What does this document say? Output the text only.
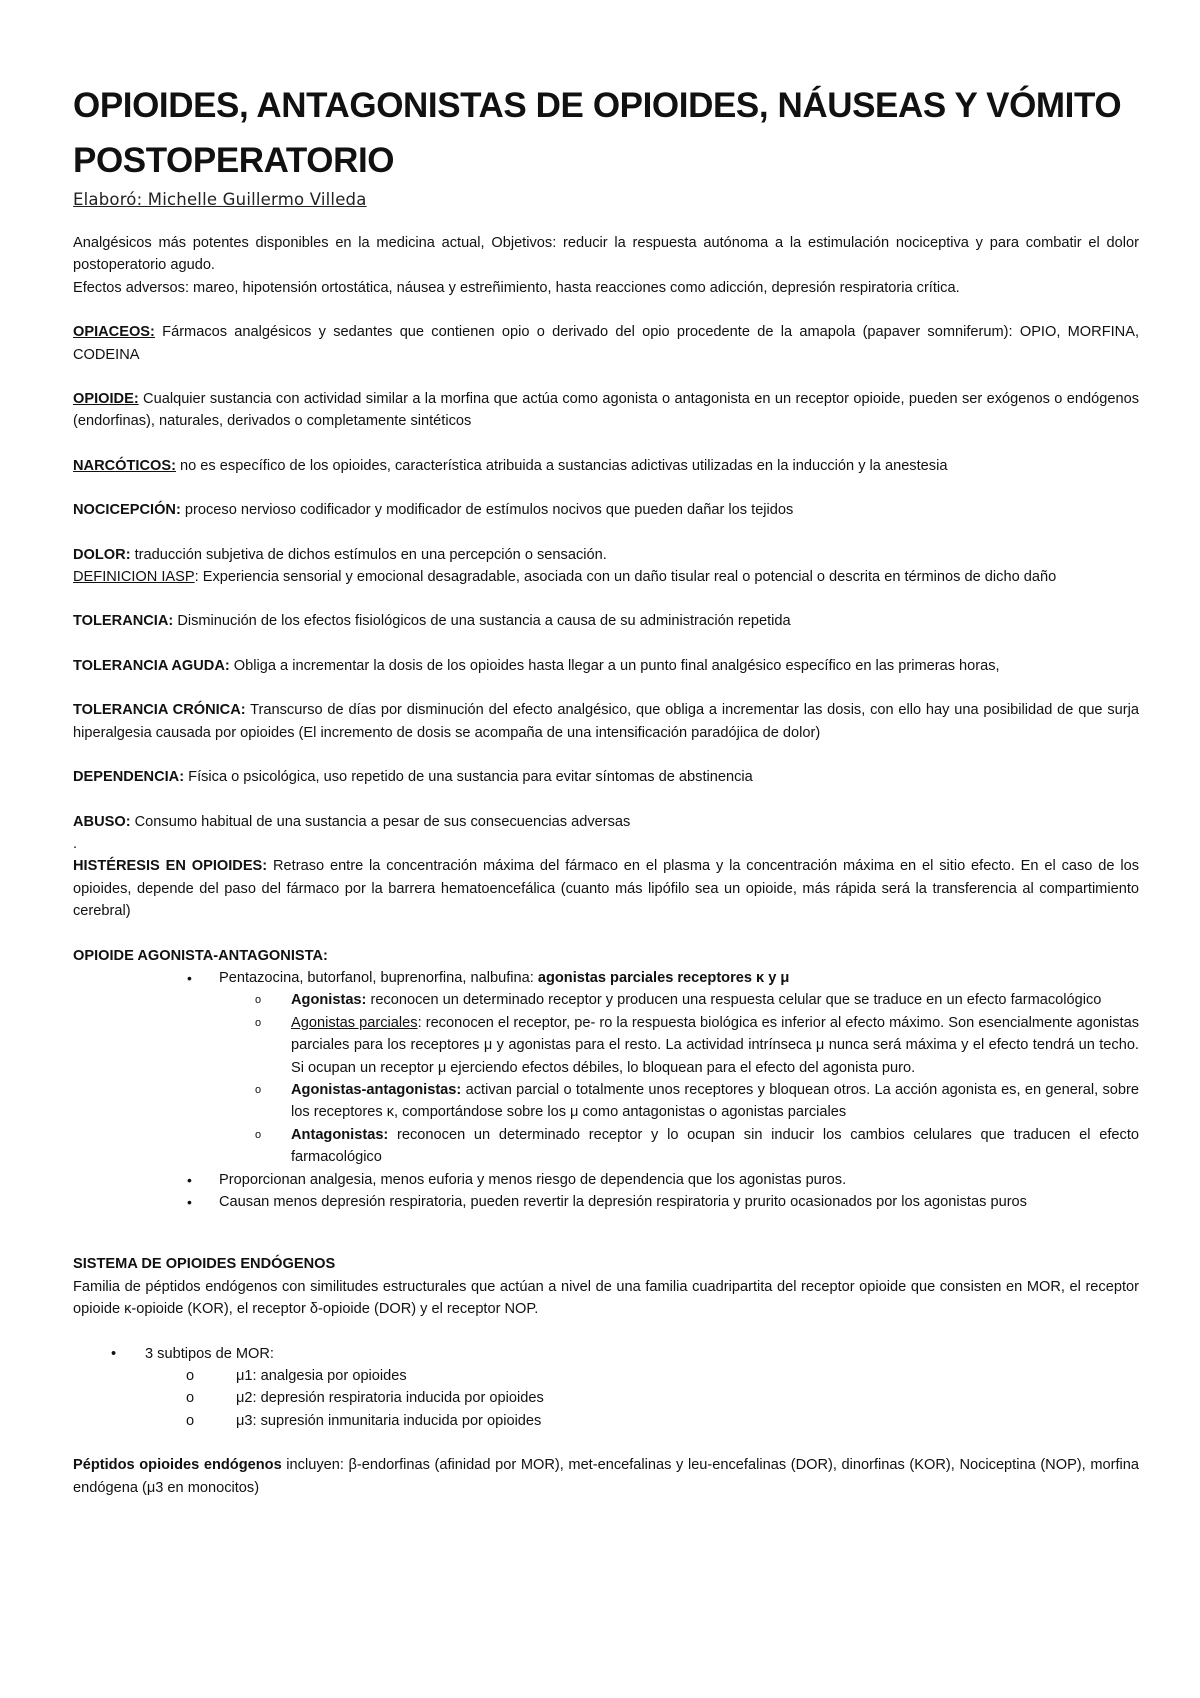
OPIOIDES, ANTAGONISTAS DE OPIOIDES, NÁUSEAS Y VÓMITO POSTOPERATORIO
Elaboró: Michelle Guillermo Villeda

Analgésicos más potentes disponibles en la medicina actual, Objetivos: reducir la respuesta autónoma a la estimulación nociceptiva y para combatir el dolor postoperatorio agudo.
Efectos adversos: mareo, hipotensión ortostática, náusea y estreñimiento, hasta reacciones como adicción, depresión respiratoria crítica.

OPIACEOS: Fármacos analgésicos y sedantes que contienen opio o derivado del opio procedente de la amapola (papaver somniferum): OPIO, MORFINA, CODEINA

OPIOIDE: Cualquier sustancia con actividad similar a la morfina que actúa como agonista o antagonista en un receptor opioide, pueden ser exógenos o endógenos (endorfinas), naturales, derivados o completamente sintéticos

NARCÓTICOS: no es específico de los opioides, característica atribuida a sustancias adictivas utilizadas en la inducción y la anestesia

NOCICEPCIÓN: proceso nervioso codificador y modificador de estímulos nocivos que pueden dañar los tejidos

DOLOR: traducción subjetiva de dichos estímulos en una percepción o sensación.
DEFINICION IASP: Experiencia sensorial y emocional desagradable, asociada con un daño tisular real o potencial o descrita en términos de dicho daño

TOLERANCIA: Disminución de los efectos fisiológicos de una sustancia a causa de su administración repetida

TOLERANCIA AGUDA: Obliga a incrementar la dosis de los opioides hasta llegar a un punto final analgésico específico en las primeras horas,

TOLERANCIA CRÓNICA: Transcurso de días por disminución del efecto analgésico, que obliga a incrementar las dosis, con ello hay una posibilidad de que surja hiperalgesia causada por opioides (El incremento de dosis se acompaña de una intensificación paradójica de dolor)

DEPENDENCIA: Física o psicológica, uso repetido de una sustancia para evitar síntomas de abstinencia

ABUSO: Consumo habitual de una sustancia a pesar de sus consecuencias adversas

.

HISTÉRESIS EN OPIOIDES: Retraso entre la concentración máxima del fármaco en el plasma y la concentración máxima en el sitio efecto. En el caso de los opioides, depende del paso del fármaco por la barrera hematoencefálica (cuanto más lipófilo sea un opioide, más rápida será la transferencia al compartimiento cerebral)

OPIOIDE AGONISTA-ANTAGONISTA:

• Pentazocina, butorfanol, buprenorfina, nalbufina: agonistas parciales receptores κ y μ
o Agonistas: reconocen un determinado receptor y producen una respuesta celular que se traduce en un efecto farmacológico
o Agonistas parciales: reconocen el receptor, pe- ro la respuesta biológica es inferior al efecto máximo. Son esencialmente agonistas parciales para los receptores μ y agonistas para el resto. La actividad intrínseca μ nunca será máxima y el efecto tendrá un techo. Si ocupan un receptor μ ejerciendo efectos débiles, lo bloquean para el efecto del agonista puro.
o Agonistas-antagonistas: activan parcial o totalmente unos receptores y bloquean otros. La acción agonista es, en general, sobre los receptores κ, comportándose sobre los μ como antagonistas o agonistas parciales
o Antagonistas: reconocen un determinado receptor y lo ocupan sin inducir los cambios celulares que traducen el efecto farmacológico
• Proporcionan analgesia, menos euforia y menos riesgo de dependencia que los agonistas puros.
• Causan menos depresión respiratoria, pueden revertir la depresión respiratoria y prurito ocasionados por los agonistas puros

SISTEMA DE OPIOIDES ENDÓGENOS

Familia de péptidos endógenos con similitudes estructurales que actúan a nivel de una familia cuadripartita del receptor opioide que consisten en MOR, el receptor opioide κ-opioide (KOR), el receptor δ-opioide (DOR) y el receptor NOP.

• 3 subtipos de MOR:
o μ1: analgesia por opioides
o μ2: depresión respiratoria inducida por opioides
o μ3: supresión inmunitaria inducida por opioides

Péptidos opioides endógenos incluyen: β-endorfinas (afinidad por MOR), met-encefalinas y leu-encefalinas (DOR), dinorfinas (KOR), Nociceptina (NOP), morfina endógena (μ3 en monocitos)
